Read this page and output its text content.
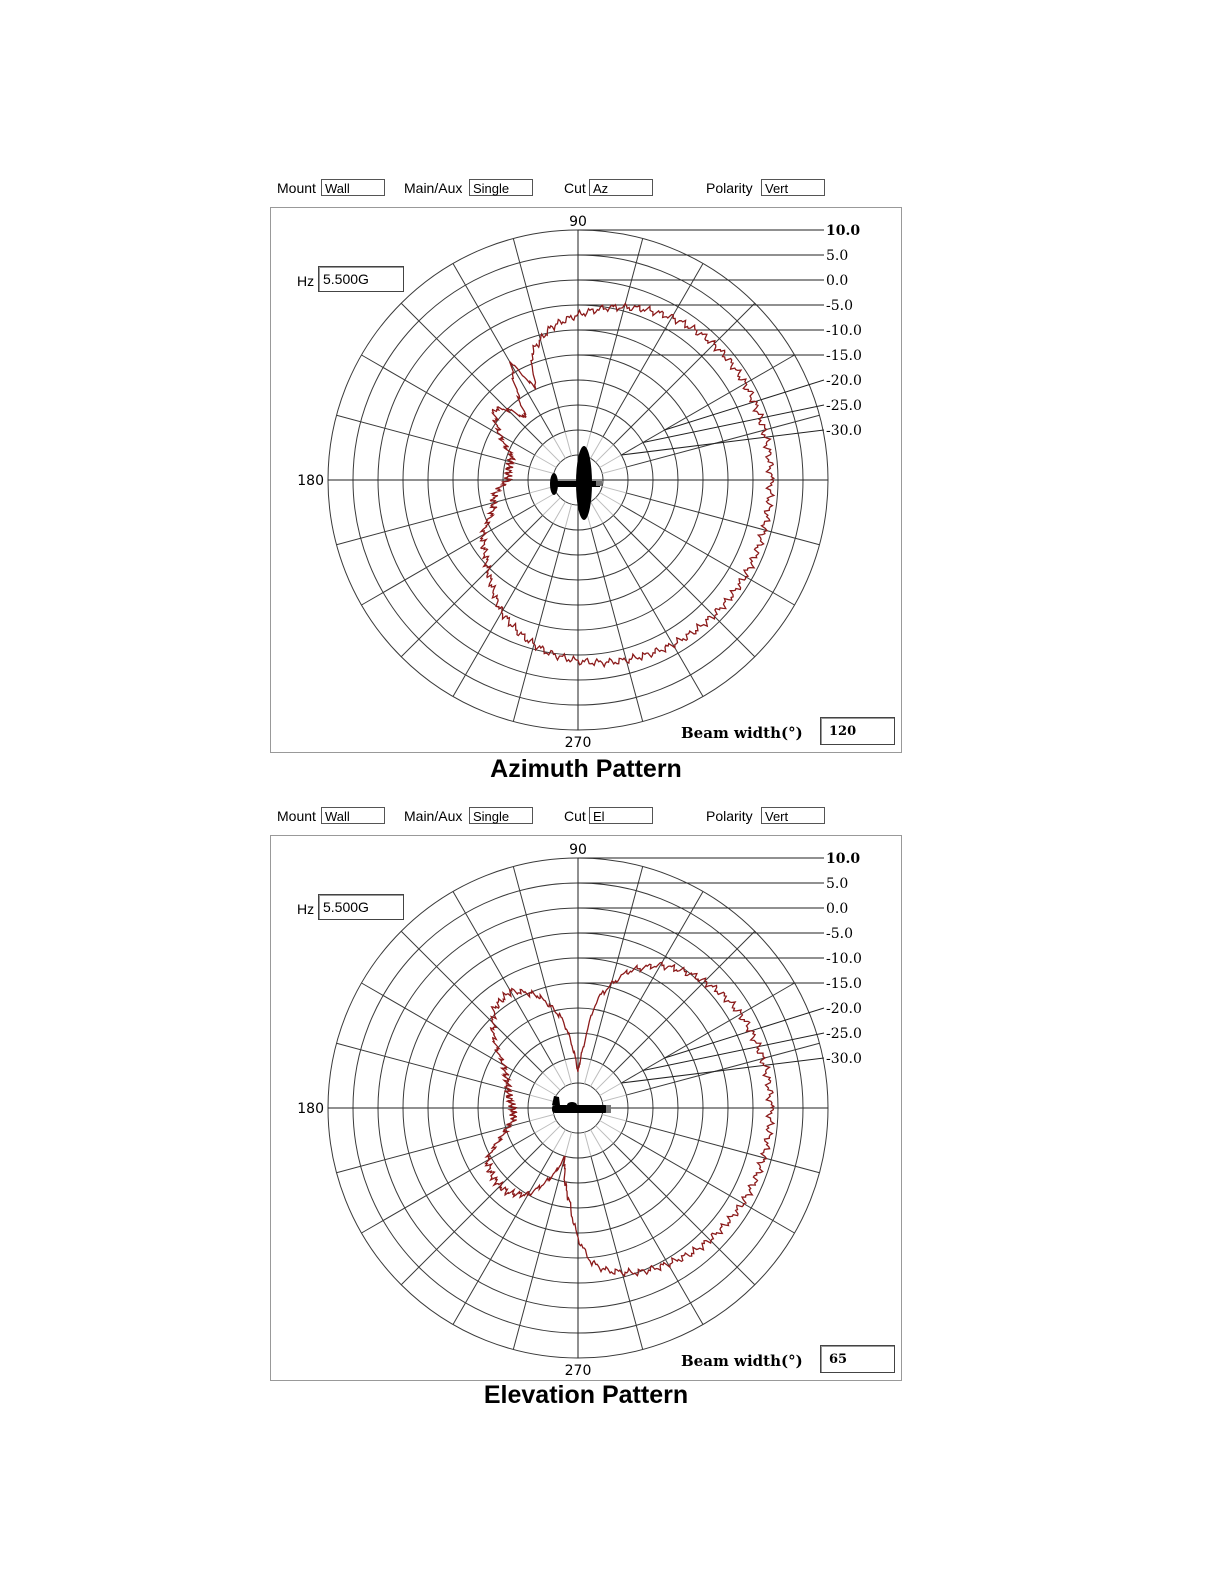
Mount Wall	Main/Aux Single	Cut Az	Polarity Vert
10.0
5.0
0.0
-5.0
-10.0
-15.0
-20.0
-25.0
-30.0
90
180
270
Hz 5.500G
Beam width(°)	120
Azimuth Pattern
Mount Wall	Main/Aux Single	Cut El	Polarity Vert
10.0
5.0
0.0
-5.0
-10.0
-15.0
-20.0
-25.0
-30.0
90
180
270
Hz 5.500G
Beam width(°)	65
Elevation Pattern
